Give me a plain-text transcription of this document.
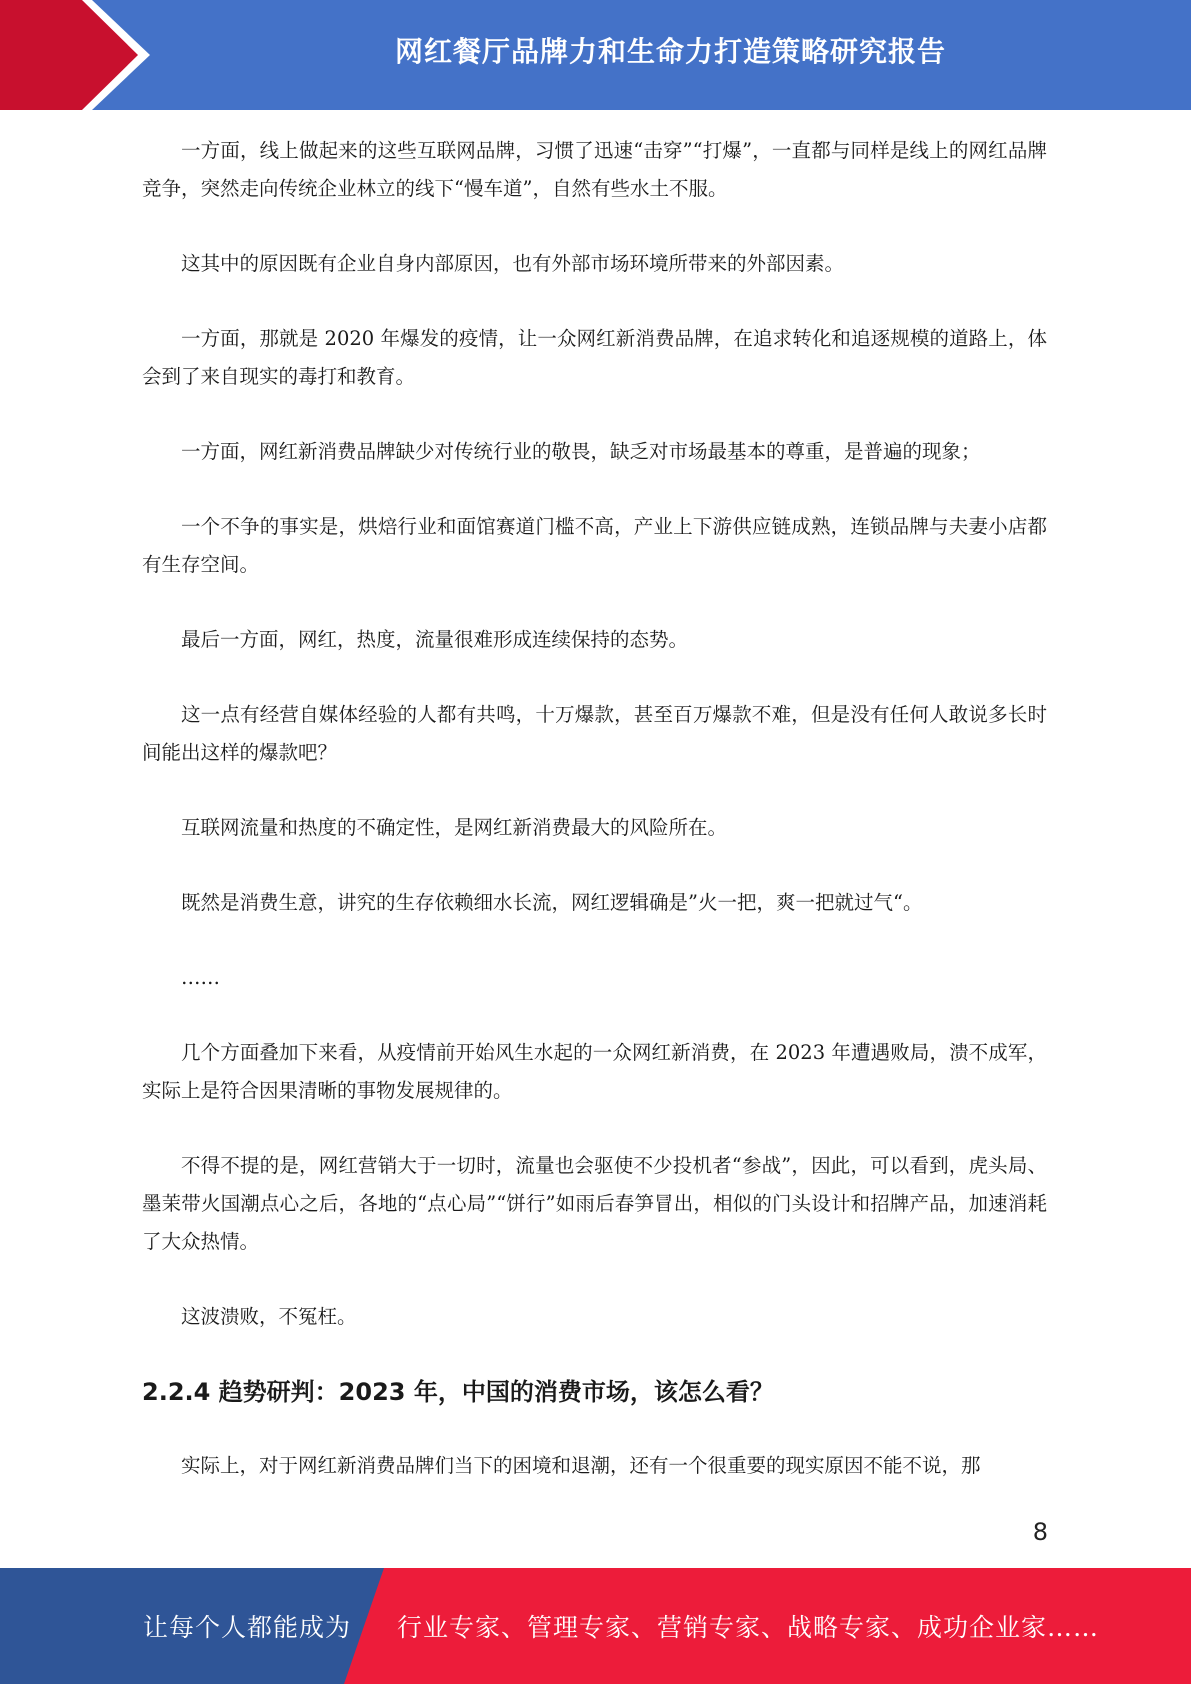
网红餐厅品牌力和生命力打造策略研究报告

一方面，线上做起来的这些互联网品牌，习惯了迅速“击穿”“打爆”，一直都与同样是线上的网红品牌竞争，突然走向传统企业林立的线下“慢车道”，自然有些水土不服。

这其中的原因既有企业自身内部原因，也有外部市场环境所带来的外部因素。

一方面，那就是 2020 年爆发的疫情，让一众网红新消费品牌，在追求转化和追逐规模的道路上，体会到了来自现实的毒打和教育。

一方面，网红新消费品牌缺少对传统行业的敬畏，缺乏对市场最基本的尊重，是普遍的现象；

一个不争的事实是，烘焙行业和面馆赛道门槛不高，产业上下游供应链成熟，连锁品牌与夫妻小店都有生存空间。

最后一方面，网红，热度，流量很难形成连续保持的态势。

这一点有经营自媒体经验的人都有共鸣，十万爆款，甚至百万爆款不难，但是没有任何人敢说多长时间能出这样的爆款吧？

互联网流量和热度的不确定性，是网红新消费最大的风险所在。

既然是消费生意，讲究的生存依赖细水长流，网红逻辑确是”火一把，爽一把就过气“。

……

几个方面叠加下来看，从疫情前开始风生水起的一众网红新消费，在 2023 年遭遇败局，溃不成军，实际上是符合因果清晰的事物发展规律的。

不得不提的是，网红营销大于一切时，流量也会驱使不少投机者“参战”，因此，可以看到，虎头局、墨茉带火国潮点心之后，各地的“点心局”“饼行”如雨后春笋冒出，相似的门头设计和招牌产品，加速消耗了大众热情。

这波溃败，不冤枉。

2.2.4 趋势研判：2023 年，中国的消费市场，该怎么看？

实际上，对于网红新消费品牌们当下的困境和退潮，还有一个很重要的现实原因不能不说，那

8
让每个人都能成为 行业专家、管理专家、营销专家、战略专家、成功企业家……
